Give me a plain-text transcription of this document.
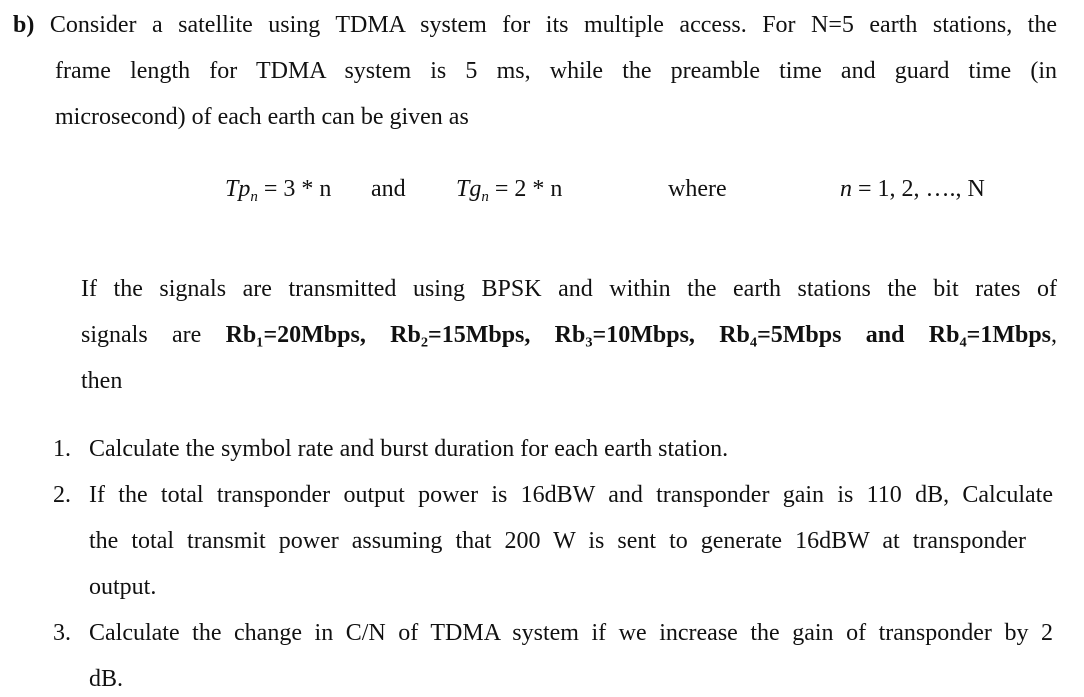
b) Consider a satellite using TDMA system for its multiple access. For N=5 earth stations, the
frame length for TDMA system is 5 ms, while the preamble time and guard time (in
microsecond) of each earth can be given as
$Tp_n = 3 * n$ and $Tg_n = 2 * n$	where	n = 1, 2, …., N
If the signals are transmitted using BPSK and within the earth stations the bit rates of
signals are Rb₁=20Mbps, Rb₂=15Mbps, Rb₃=10Mbps, Rb₄=5Mbps and Rb₄=1Mbps,
then
1. Calculate the symbol rate and burst duration for each earth station.
2. If the total transponder output power is 16dBW and transponder gain is 110 dB, Calculate
the total transmit power assuming that 200 W is sent to generate 16dBW at transponder
output.
3. Calculate the change in C/N of TDMA system if we increase the gain of transponder by 2
dB.
